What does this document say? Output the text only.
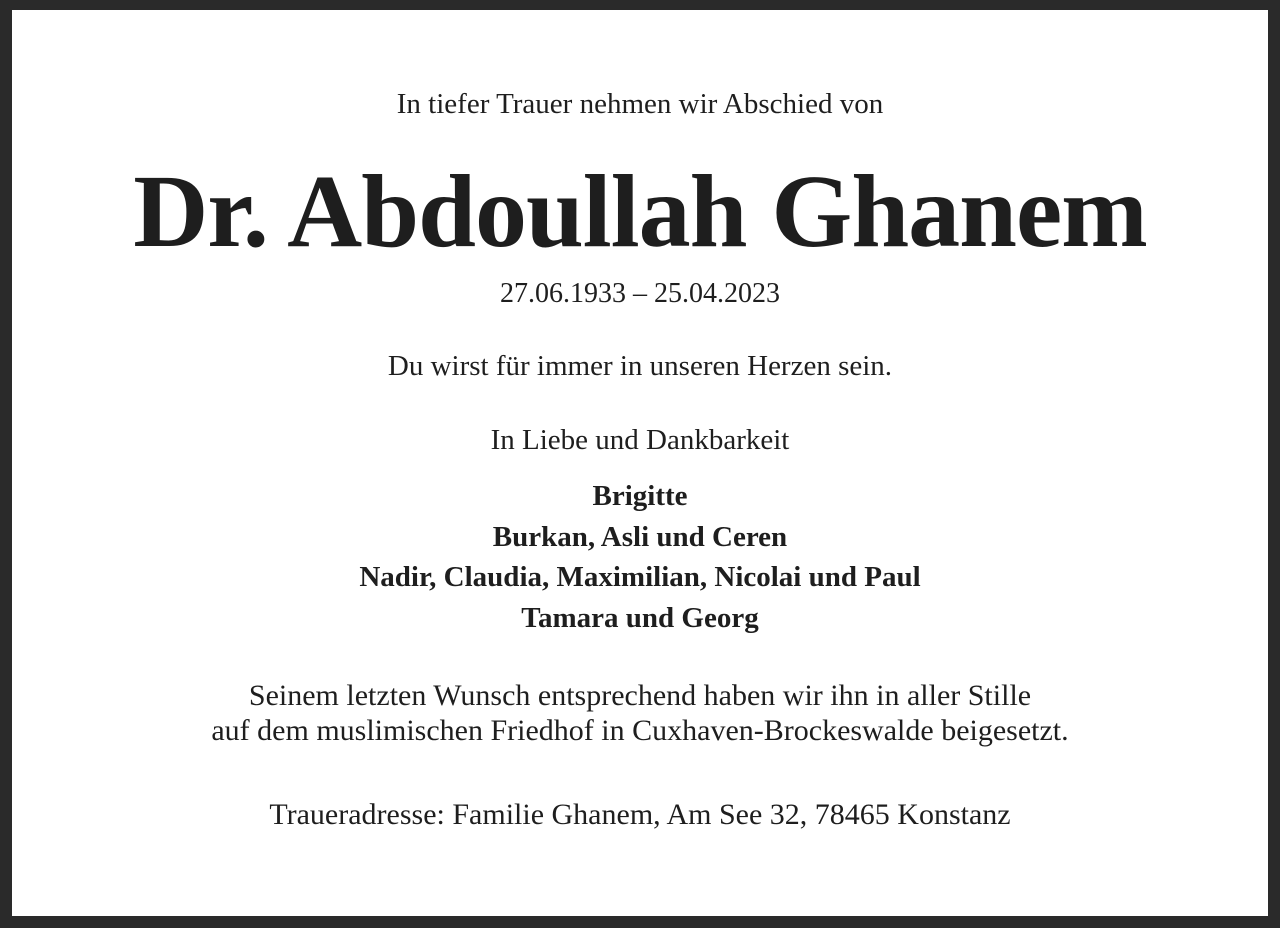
In tiefer Trauer nehmen wir Abschied von
Dr. Abdoullah Ghanem
27.06.1933 – 25.04.2023
Du wirst für immer in unseren Herzen sein.
In Liebe und Dankbarkeit
Brigitte
Burkan, Asli und Ceren
Nadir, Claudia, Maximilian, Nicolai und Paul
Tamara und Georg
Seinem letzten Wunsch entsprechend haben wir ihn in aller Stille
auf dem muslimischen Friedhof in Cuxhaven-Brockeswalde beigesetzt.
Traueradresse: Familie Ghanem, Am See 32, 78465 Konstanz
